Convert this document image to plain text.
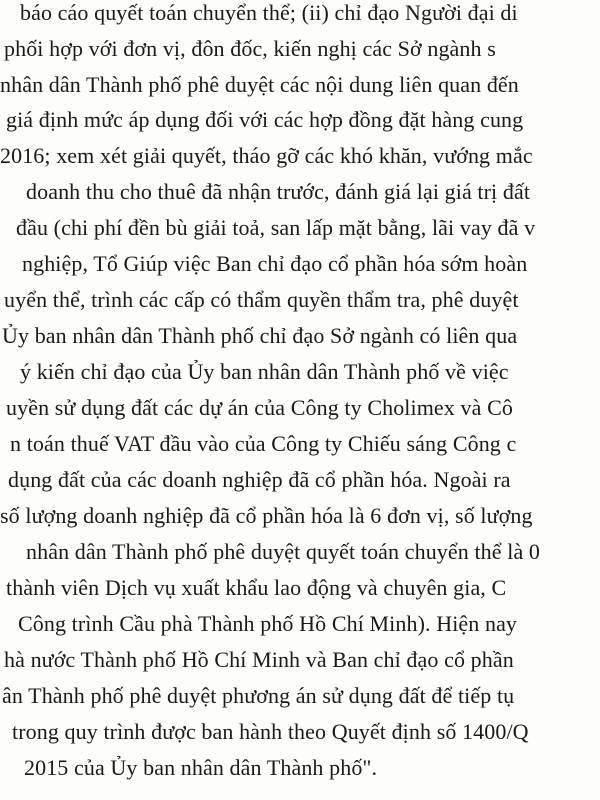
báo cáo quyết toán chuyển thể; (ii) chỉ đạo Người đại di
phối hợp với đơn vị, đôn đốc, kiến nghị các Sở ngành s
nhân dân Thành phố phê duyệt các nội dung liên quan đến
giá định mức áp dụng đối với các hợp đồng đặt hàng cung
2016; xem xét giải quyết, tháo gỡ các khó khăn, vướng mắc
doanh thu cho thuê đã nhận trước, đánh giá lại giá trị đất
đầu (chi phí đền bù giải toả, san lấp mặt bằng, lãi vay đã v
nghiệp, Tổ Giúp việc Ban chỉ đạo cổ phần hóa sớm hoàn
uyển thể, trình các cấp có thẩm quyền thẩm tra, phê duyệt
Ủy ban nhân dân Thành phố chỉ đạo Sở ngành có liên qua
ý kiến chỉ đạo của Ủy ban nhân dân Thành phố về việc
uyền sử dụng đất các dự án của Công ty Cholimex và Cô
n toán thuế VAT đầu vào của Công ty Chiếu sáng Công c
dụng đất của các doanh nghiệp đã cổ phần hóa. Ngoài ra
số lượng doanh nghiệp đã cổ phần hóa là 6 đơn vị, số lượng
nhân dân Thành phố phê duyệt quyết toán chuyển thể là 0
thành viên Dịch vụ xuất khẩu lao động và chuyên gia, C
Công trình Cầu phà Thành phố Hồ Chí Minh). Hiện nay
hà nước Thành phố Hồ Chí Minh và Ban chỉ đạo cổ phần
ân Thành phố phê duyệt phương án sử dụng đất để tiếp tụ
trong quy trình được ban hành theo Quyết định số 1400/Q
2015 của Ủy ban nhân dân Thành phố".
